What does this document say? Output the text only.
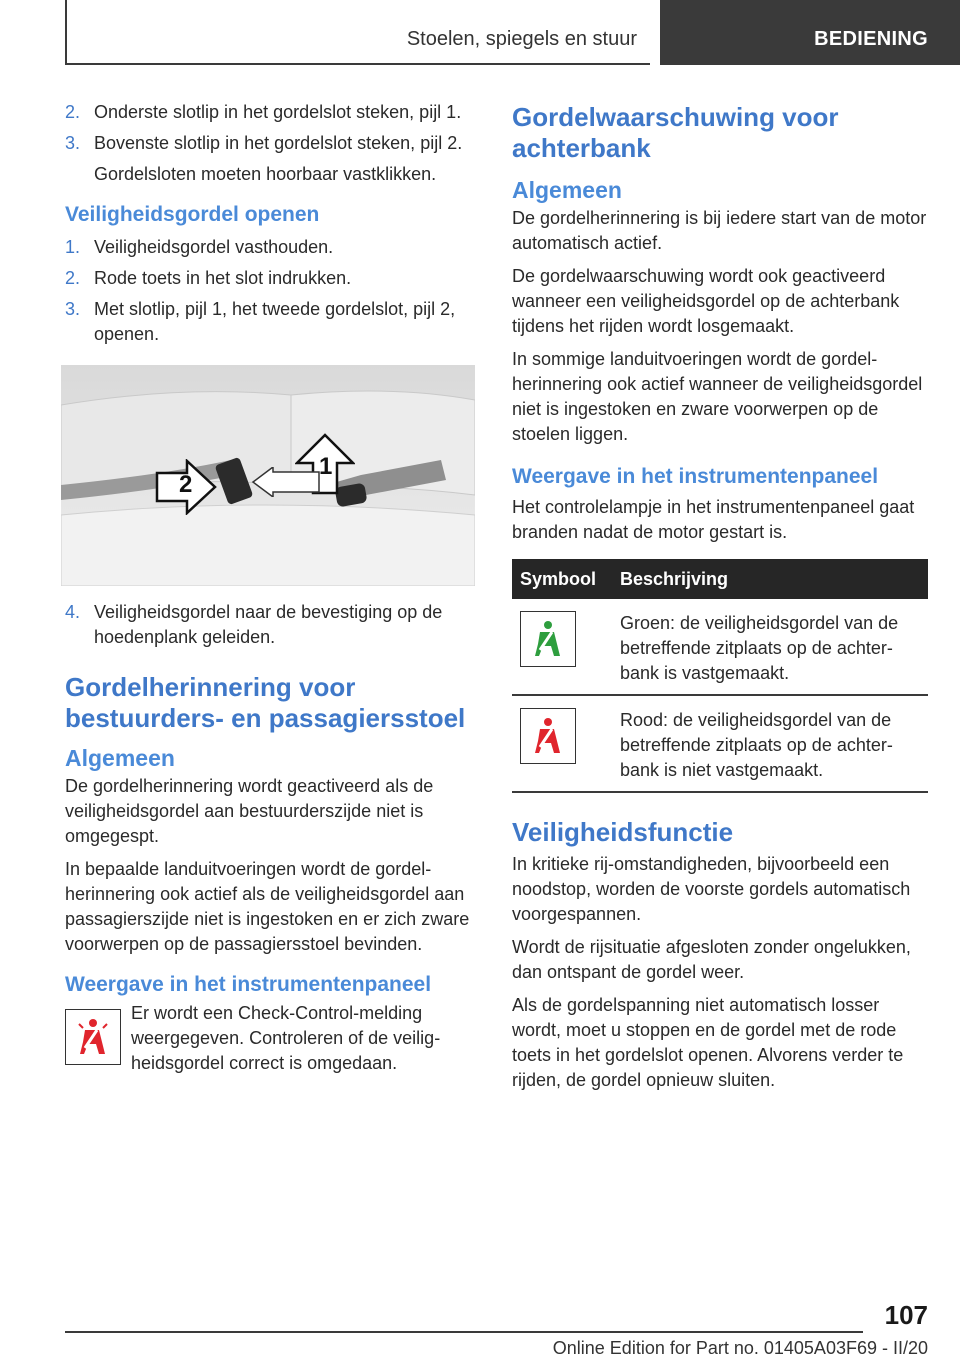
Stoelen, spiegels en stuur	BEDIENING
2. Onderste slotlip in het gordelslot steken, pijl 1.
3. Bovenste slotlip in het gordelslot steken, pijl 2.
Gordelsloten moeten hoorbaar vastklikken.
Veiligheidsgordel openen
1. Veiligheidsgordel vasthouden.
2. Rode toets in het slot indrukken.
3. Met slotlip, pijl 1, het tweede gordelslot, pijl 2, openen.
1
2
4. Veiligheidsgordel naar de bevestiging op de hoedenplank geleiden.
Gordelherinnering voor bestuurders- en passagiersstoel
Algemeen
De gordelherinnering wordt geactiveerd als de veiligheidsgordel aan bestuurderszijde niet is omgegespt.
In bepaalde landuitvoeringen wordt de gordelherinnering ook actief als de veiligheidsgordel aan passagierszijde niet is ingestoken en er zich zware voorwerpen op de passagiersstoel bevinden.
Weergave in het instrumentenpaneel
Er wordt een Check-Control-melding weergegeven. Controleren of de veiligheidsgordel correct is omgedaan.
Gordelwaarschuwing voor achterbank
Algemeen
De gordelherinnering is bij iedere start van de motor automatisch actief.
De gordelwaarschuwing wordt ook geactiveerd wanneer een veiligheidsgordel op de achterbank tijdens het rijden wordt losgemaakt.
In sommige landuitvoeringen wordt de gordelherinnering ook actief wanneer de veiligheidsgordel niet is ingestoken en zware voorwerpen op de stoelen liggen.
Weergave in het instrumentenpaneel
Het controlelampje in het instrumentenpaneel gaat branden nadat de motor gestart is.
Symbool	Beschrijving

	Groen: de veiligheidsgordel van de betreffende zitplaats op de achterbank is vastgemaakt.

	Rood: de veiligheidsgordel van de betreffende zitplaats op de achterbank is niet vastgemaakt.
Veiligheidsfunctie
In kritieke rij-omstandigheden, bijvoorbeeld een noodstop, worden de voorste gordels automatisch voorgespannen.
Wordt de rijsituatie afgesloten zonder ongelukken, dan ontspant de gordel weer.
Als de gordelspanning niet automatisch losser wordt, moet u stoppen en de gordel met de rode toets in het gordelslot openen. Alvorens verder te rijden, de gordel opnieuw sluiten.
107
Online Edition for Part no. 01405A03F69 - II/20
